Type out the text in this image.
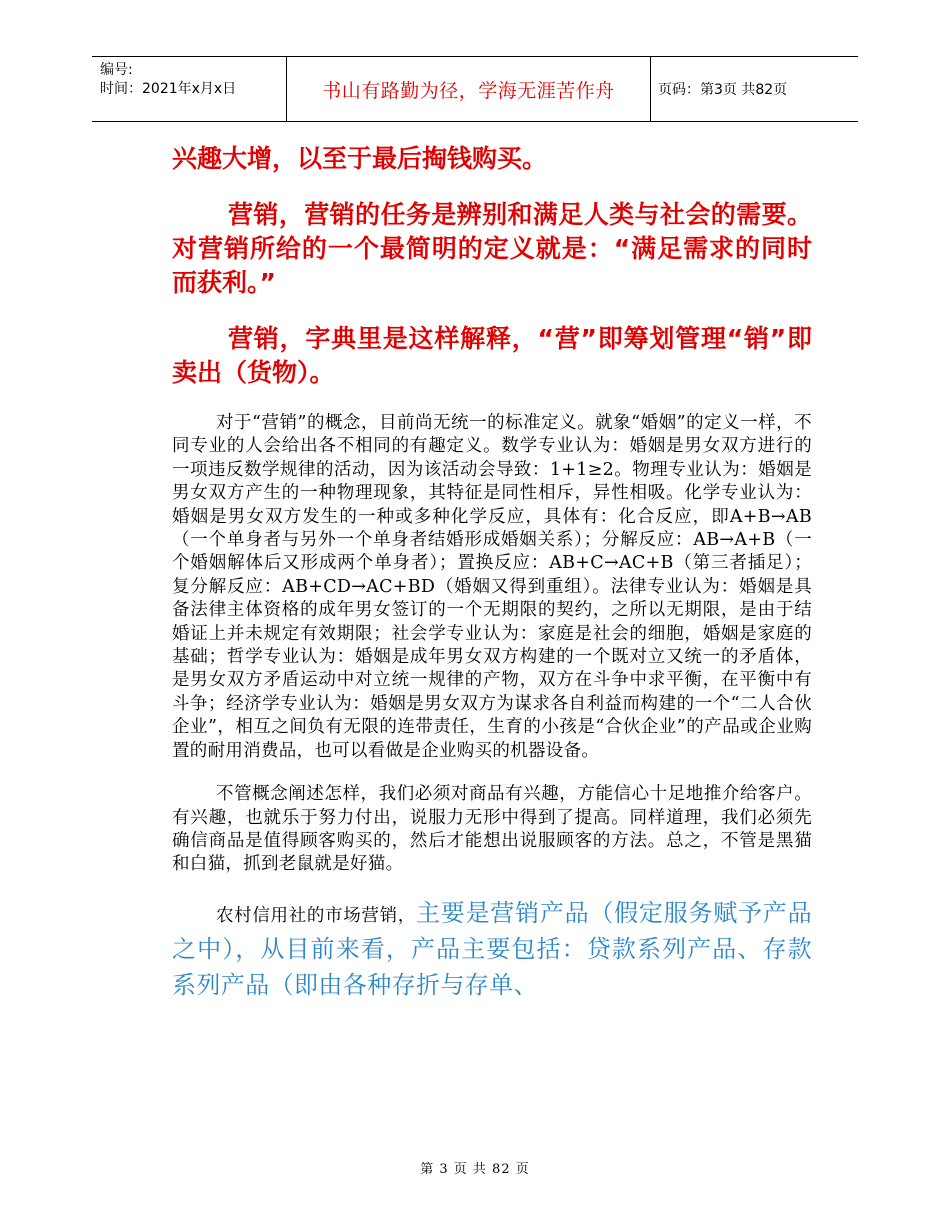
编号:
时间：2021年x月x日	书山有路勤为径，学海无涯苦作舟	页码：第3页 共82页

兴趣大增，以至于最后掏钱购买。

营销，营销的任务是辨别和满足人类与社会的需要。对营销所给的一个最简明的定义就是：“满足需求的同时而获利。”

营销，字典里是这样解释，“营”即筹划管理“销”即卖出（货物）。

对于“营销”的概念，目前尚无统一的标准定义。就象“婚姻”的定义一样，不同专业的人会给出各不相同的有趣定义。数学专业认为：婚姻是男女双方进行的一项违反数学规律的活动，因为该活动会导致：1+1≥2。物理专业认为：婚姻是男女双方产生的一种物理现象，其特征是同性相斥，异性相吸。化学专业认为：婚姻是男女双方发生的一种或多种化学反应，具体有：化合反应，即A+B→AB（一个单身者与另外一个单身者结婚形成婚姻关系）；分解反应：AB→A+B（一个婚姻解体后又形成两个单身者）；置换反应：AB+C→AC+B（第三者插足）；复分解反应：AB+CD→AC+BD（婚姻又得到重组）。法律专业认为：婚姻是具备法律主体资格的成年男女签订的一个无期限的契约，之所以无期限，是由于结婚证上并未规定有效期限；社会学专业认为：家庭是社会的细胞，婚姻是家庭的基础；哲学专业认为：婚姻是成年男女双方构建的一个既对立又统一的矛盾体，是男女双方矛盾运动中对立统一规律的产物，双方在斗争中求平衡，在平衡中有斗争；经济学专业认为：婚姻是男女双方为谋求各自利益而构建的一个“二人合伙企业”，相互之间负有无限的连带责任，生育的小孩是“合伙企业”的产品或企业购置的耐用消费品，也可以看做是企业购买的机器设备。

不管概念阐述怎样，我们必须对商品有兴趣，方能信心十足地推介给客户。有兴趣，也就乐于努力付出，说服力无形中得到了提高。同样道理，我们必须先确信商品是值得顾客购买的，然后才能想出说服顾客的方法。总之，不管是黑猫和白猫，抓到老鼠就是好猫。

农村信用社的市场营销，主要是营销产品（假定服务赋予产品之中），从目前来看，产品主要包括：贷款系列产品、存款系列产品（即由各种存折与存单、

第 3 页 共 82 页
